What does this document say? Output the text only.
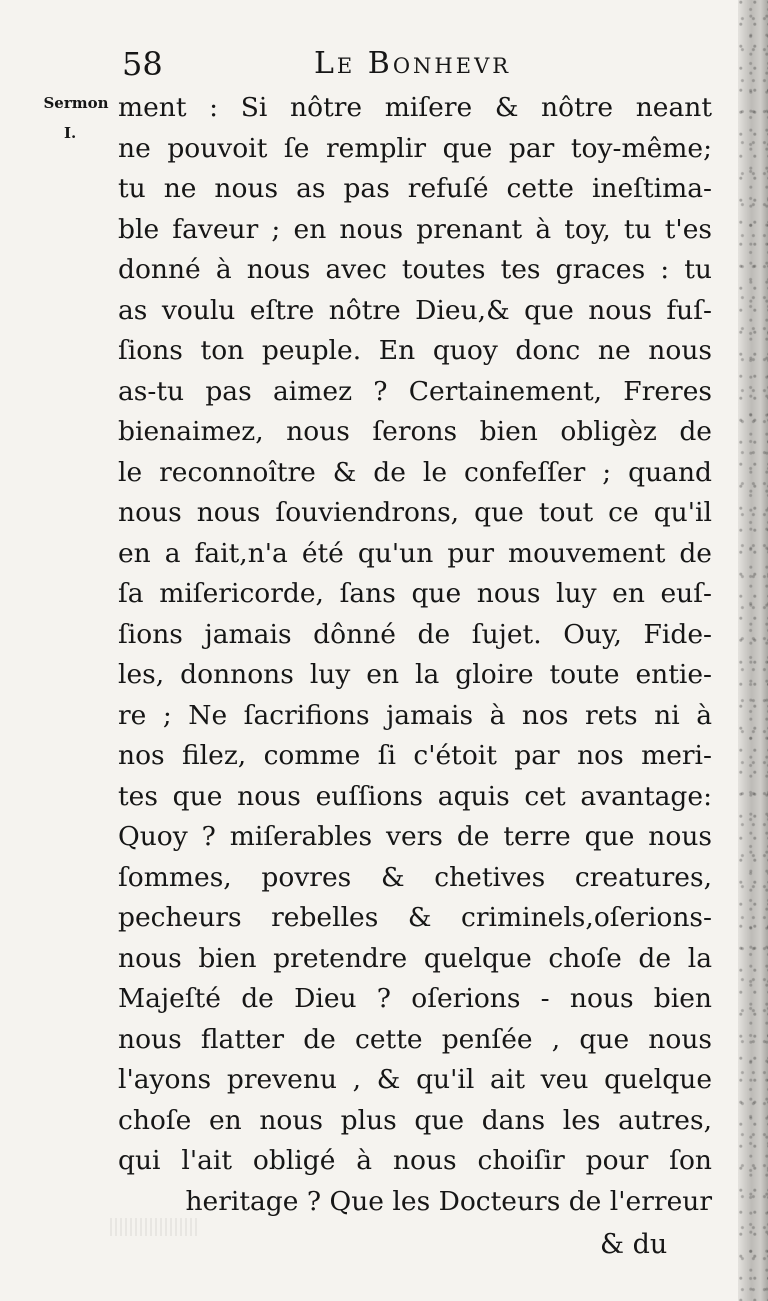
58	Le Bonhevr
Sermon
I.
ment : Si nôtre miſere & nôtre neant
ne pouvoit ſe remplir que par toy-même;
tu ne nous as pas refuſé cette ineſtima-
ble faveur ; en nous prenant à toy, tu t'es
donné à nous avec toutes tes graces : tu
as voulu eſtre nôtre Dieu,& que nous fuſ-
ſions ton peuple. En quoy donc ne nous
as-tu pas aimez ? Certainement, Freres
bienaimez, nous ſerons bien obligèz de
le reconnoître & de le confeſſer ; quand
nous nous ſouviendrons, que tout ce qu'il
en a fait,n'a été qu'un pur mouvement de
ſa miſericorde, ſans que nous luy en euſ-
ſions jamais dônné de ſujet. Ouy, Fide-
les, donnons luy en la gloire toute entie-
re ; Ne ſacrifions jamais à nos rets ni à
nos filez, comme ſi c'étoit par nos meri-
tes que nous euſſions aquis cet avantage:
Quoy ? miſerables vers de terre que nous
ſommes, povres & chetives creatures,
pecheurs rebelles & criminels,oſerions-
nous bien pretendre quelque choſe de la
Majeſté de Dieu ? oſerions - nous bien
nous flatter de cette penſée , que nous
l'ayons prevenu , & qu'il ait veu quelque
choſe en nous plus que dans les autres,
qui l'ait obligé à nous choiſir pour ſon
heritage ? Que les Docteurs de l'erreur
& du
